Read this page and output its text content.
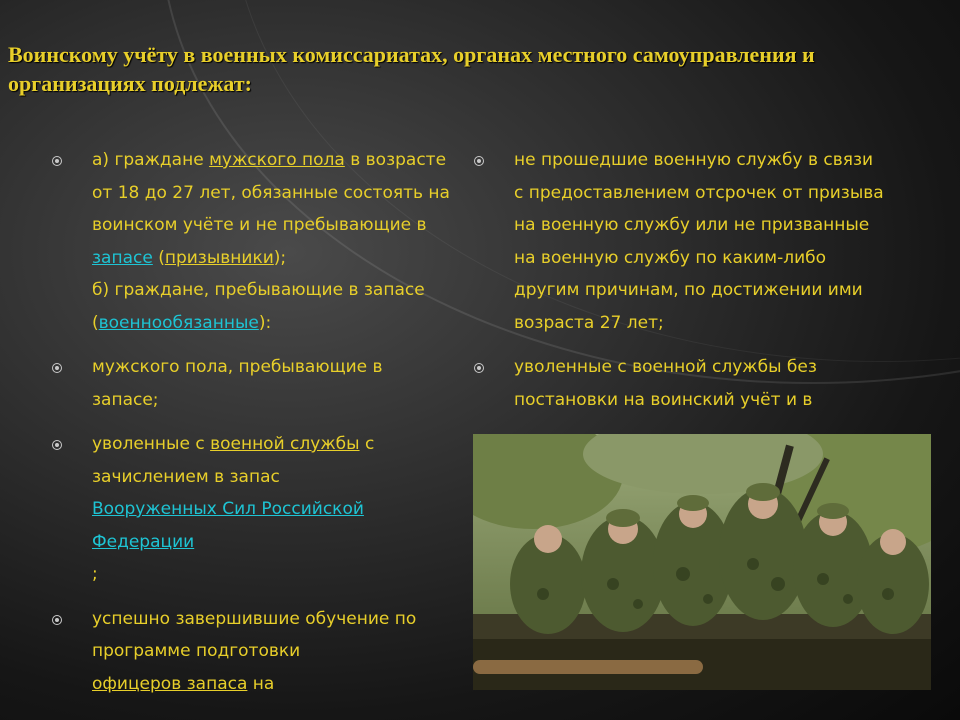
Воинскому учёту в военных комиссариатах, органах местного самоуправления и организациях подлежат:
а) граждане мужского пола в возрасте от 18 до 27 лет, обязанные состоять на воинском учёте и не пребывающие в запасе (призывники);
б) граждане, пребывающие в запасе
(военнообязанные):
мужского пола, пребывающие в запасе;
уволенные с военной службы с зачислением в запас
Вооруженных Сил Российской Федерации
;
успешно завершившие обучение по программе подготовки
офицеров запаса на
не прошедшие военную службу в связи с предоставлением отсрочек от призыва на военную службу или не призванные на военную службу по каким-либо другим причинам, по достижении ими возраста 27 лет;
уволенные с военной службы без постановки на воинский учёт и в
